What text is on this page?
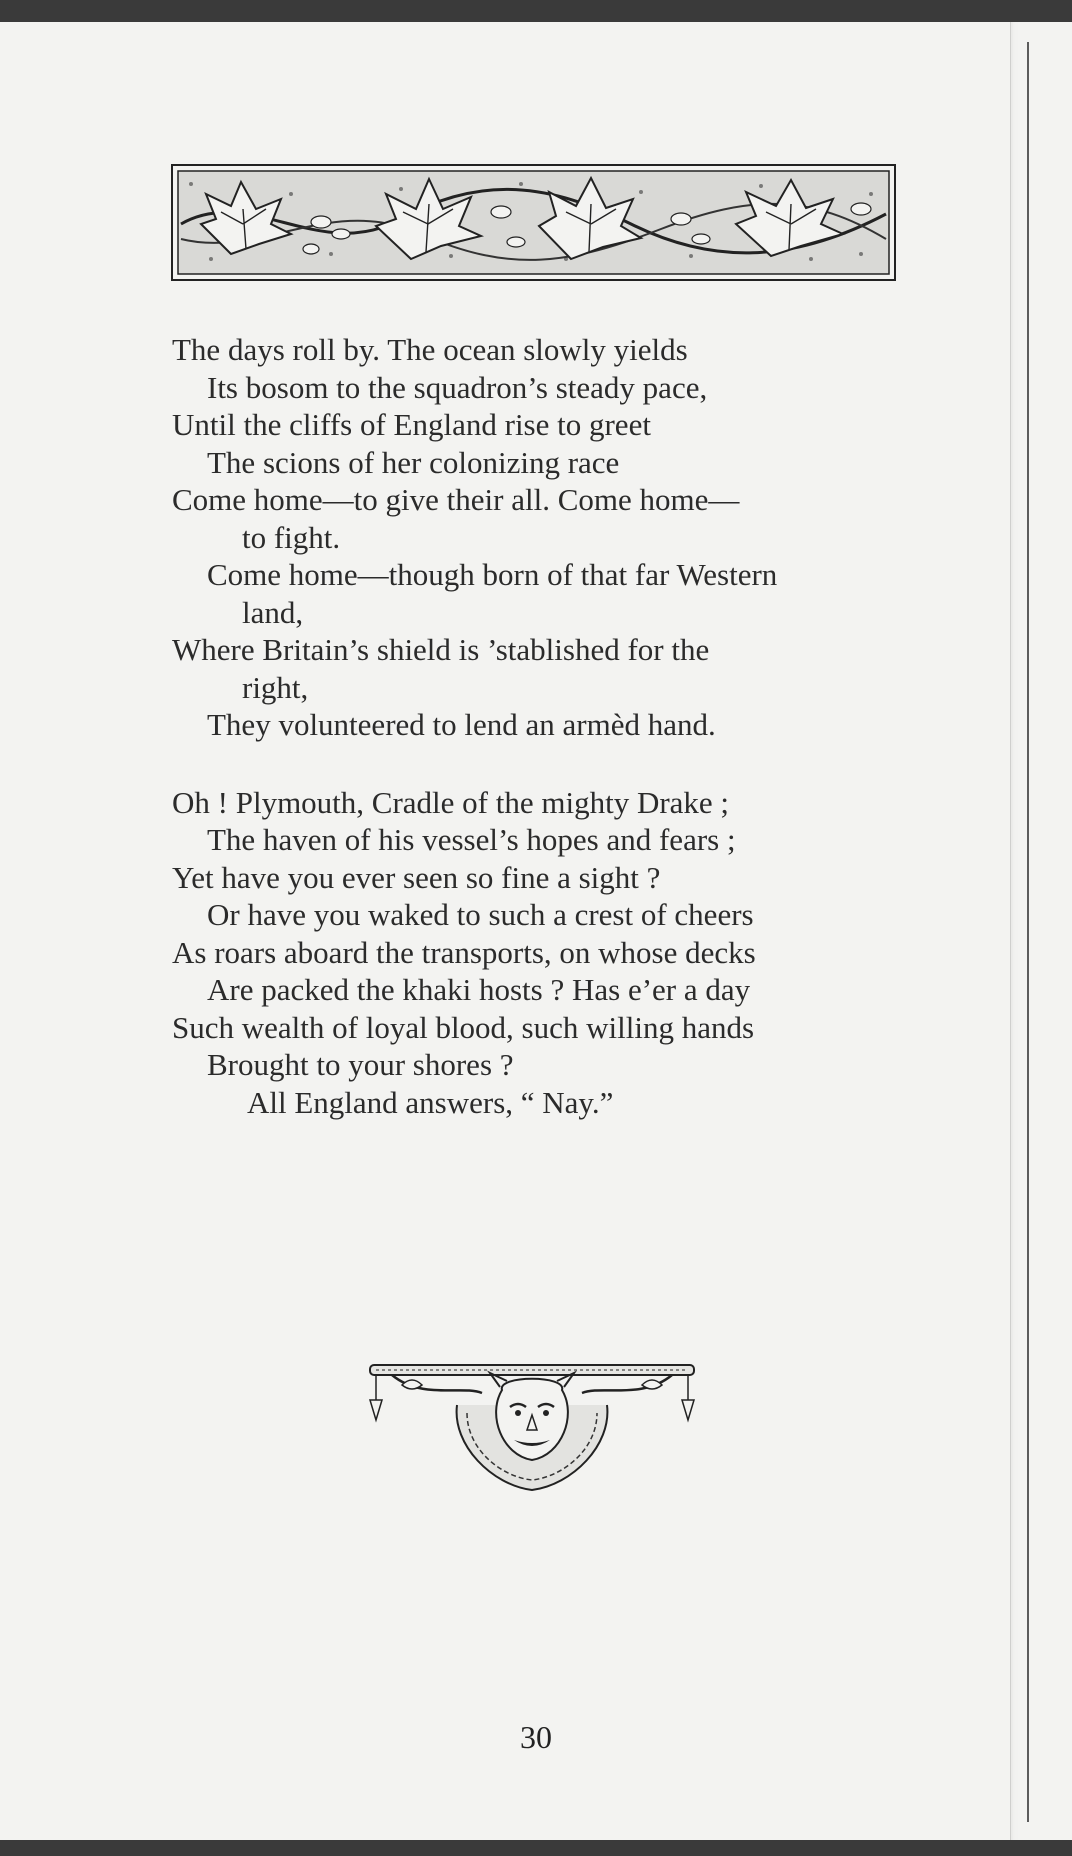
The days roll by. The ocean slowly yields
Its bosom to the squadron’s steady pace,
Until the cliffs of England rise to greet
The scions of her colonizing race
Come home—to give their all. Come home—
to fight.
Come home—though born of that far Western
land,
Where Britain’s shield is ’stablished for the
right,
They volunteered to lend an armèd hand.
Oh ! Plymouth, Cradle of the mighty Drake ;
The haven of his vessel’s hopes and fears ;
Yet have you ever seen so fine a sight ?
Or have you waked to such a crest of cheers
As roars aboard the transports, on whose decks
Are packed the khaki hosts ? Has e’er a day
Such wealth of loyal blood, such willing hands
Brought to your shores ?
All England answers, “ Nay.”
30
